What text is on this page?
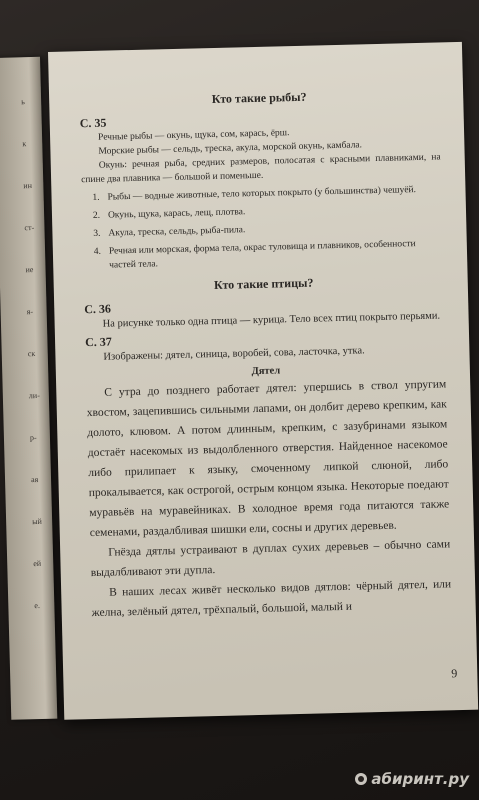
ь
к
ин
ст-
ие
я-
ск
ли-
р-
ая
ый
ей
е.
Кто такие рыбы?
С. 35

Речные рыбы — окунь, щука, сом, карась, ёрш.

Морские рыбы — сельдь, треска, акула, морской окунь, камбала.

Окунь: речная рыба, средних размеров, полосатая с красными плавниками, на спине два плавника — большой и поменьше.

1. Рыбы — водные животные, тело которых покрыто (у большинства) чешуёй.
2. Окунь, щука, карась, лещ, плотва.
3. Акула, треска, сельдь, рыба-пила.
4. Речная или морская, форма тела, окрас туловища и плавников, особенности частей тела.
Кто такие птицы?
С. 36

На рисунке только одна птица — курица. Тело всех птиц покрыто перьями.

С. 37

Изображены: дятел, синица, воробей, сова, ласточка, утка.

Дятел

С утра до позднего работает дятел: упершись в ствол упругим хвостом, зацепившись сильными лапами, он долбит дерево крепким, как долото, клювом. А потом длинным, крепким, с зазубринами языком достаёт насекомых из выдолбленного отверстия. Найденное насекомое либо прилипает к языку, смоченному липкой слюной, либо прокалывается, как острогой, острым концом языка. Некоторые поедают муравьёв на муравейниках. В холодное время года питаются также семенами, раздалбливая шишки ели, сосны и других деревьев.

Гнёзда дятлы устраивают в дуплах сухих деревьев – обычно сами выдалбливают эти дупла.

В наших лесах живёт несколько видов дятлов: чёрный дятел, или желна, зелёный дятел, трёхпалый, большой, малый и

9
абиринт.ру
